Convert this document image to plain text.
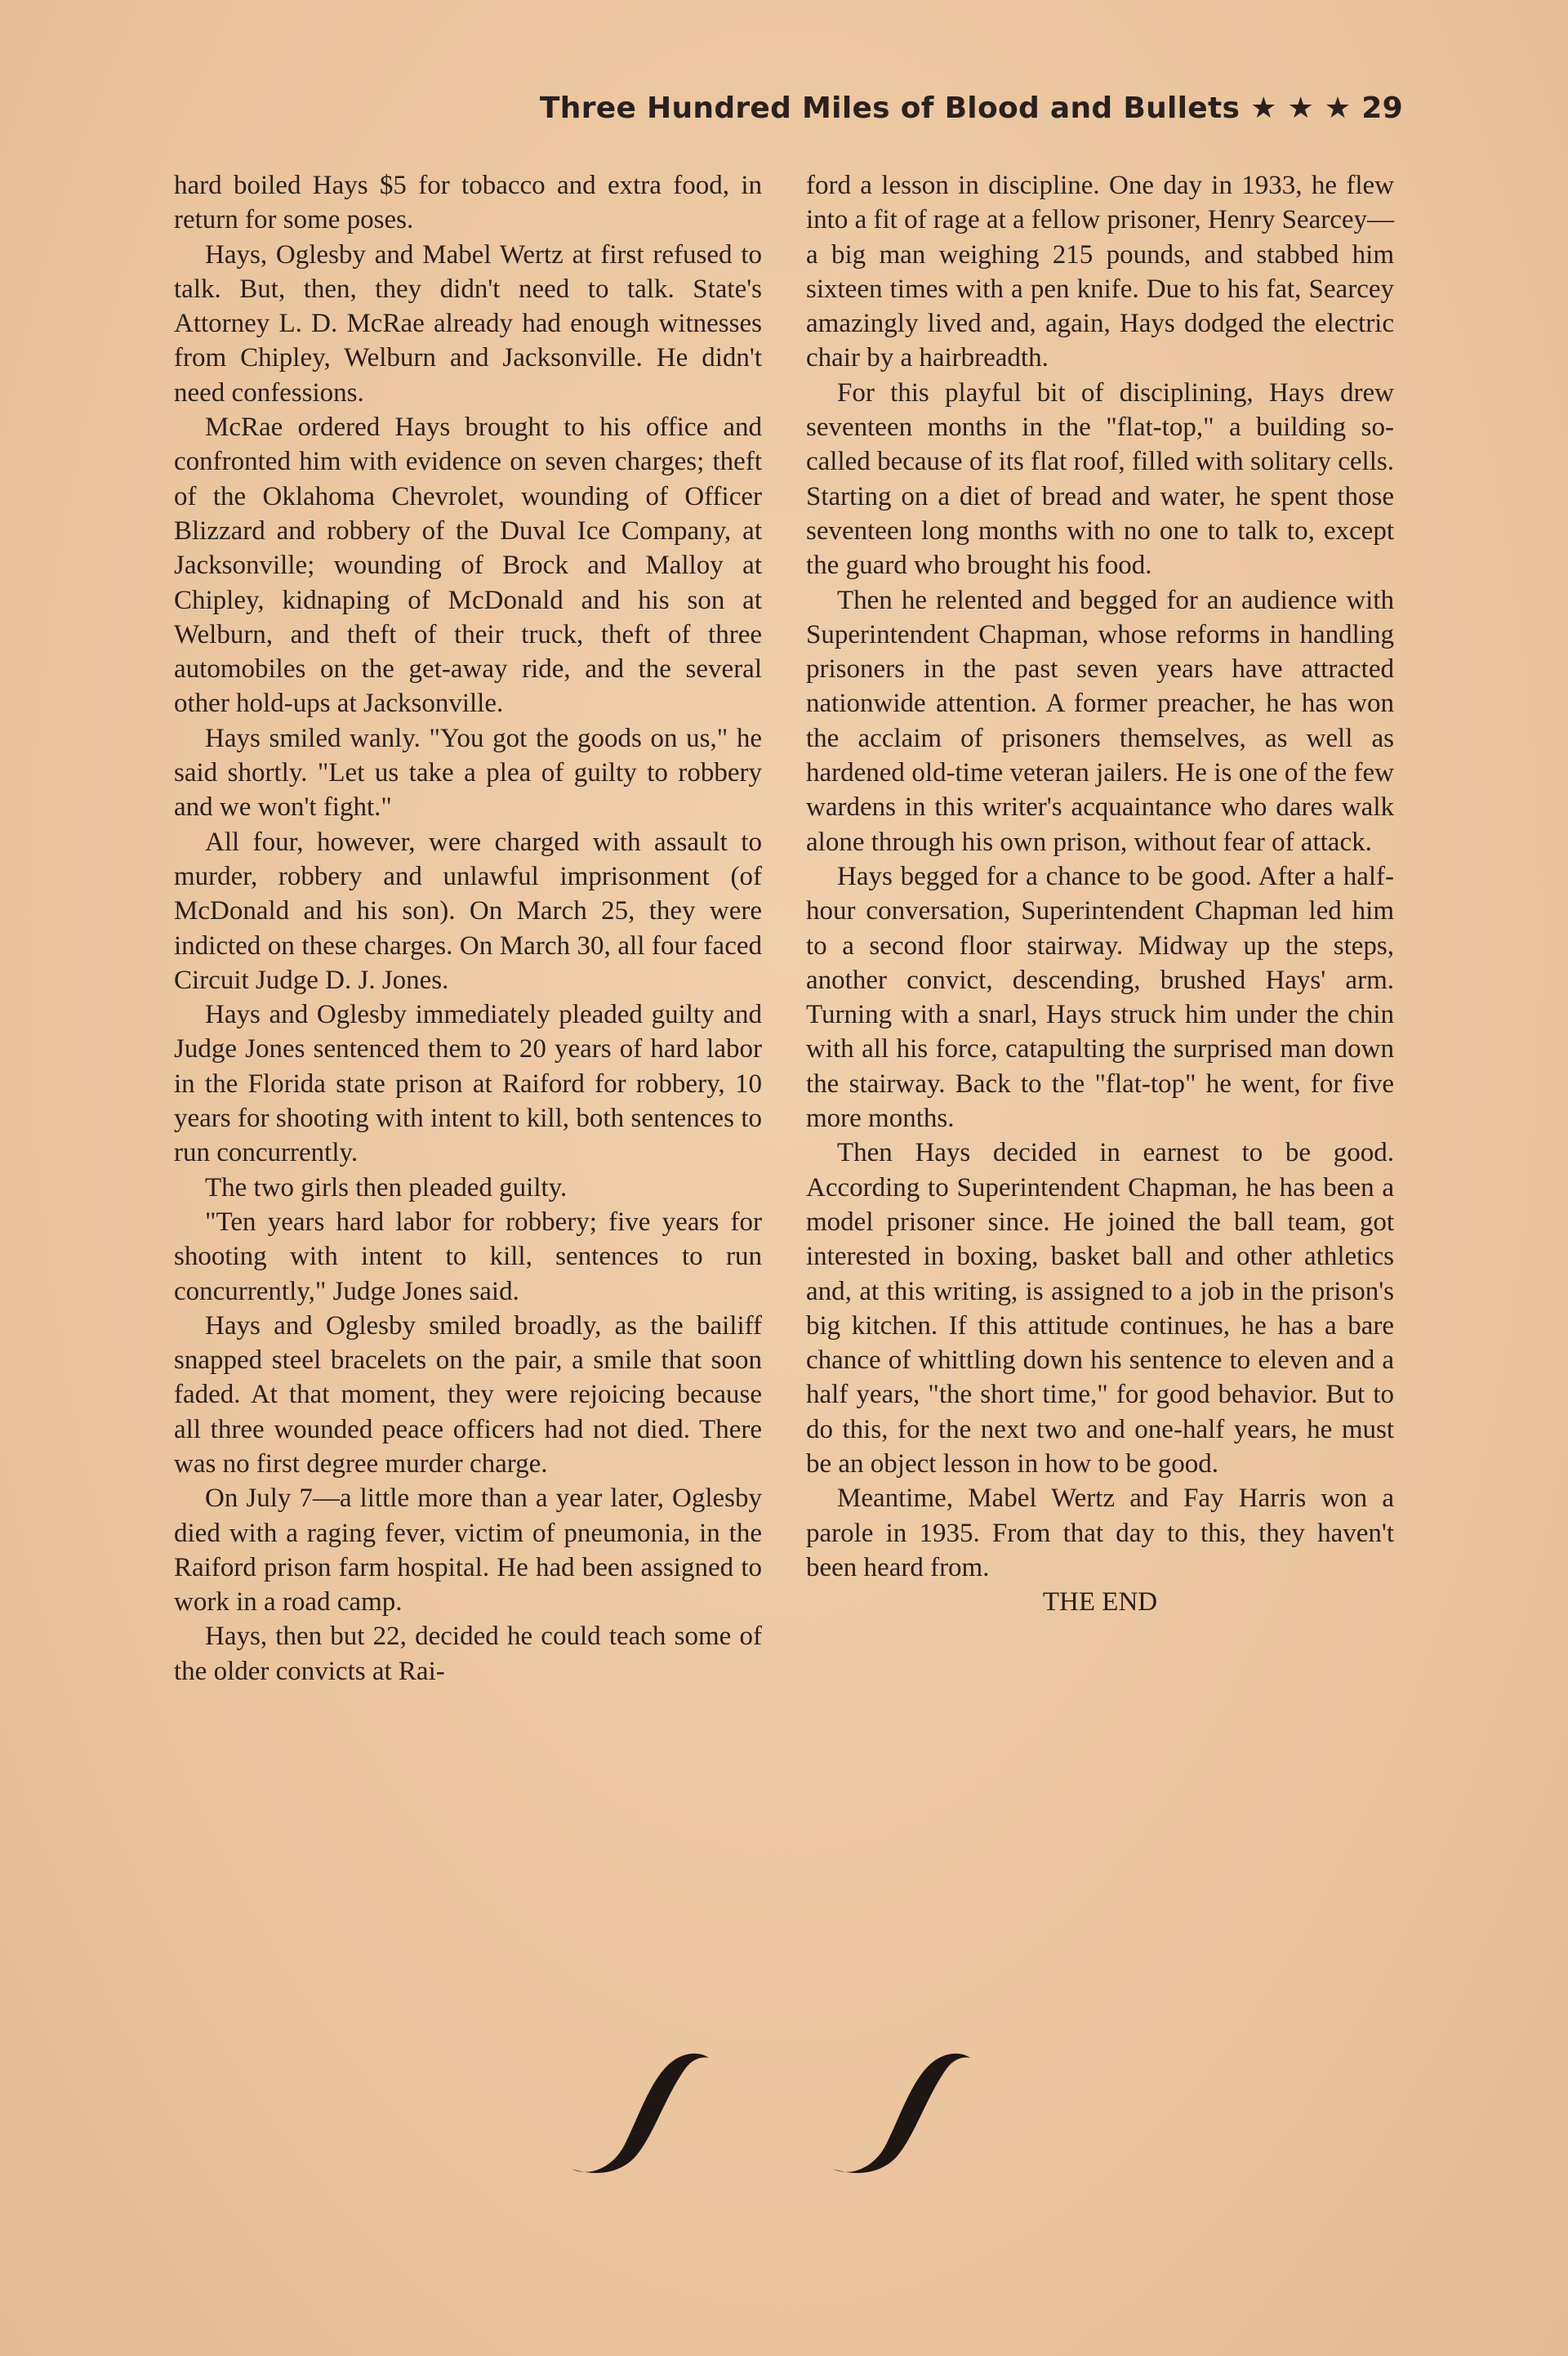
Three Hundred Miles of Blood and Bullets ★ ★ ★ 29

hard boiled Hays $5 for tobacco and extra food, in return for some poses.

Hays, Oglesby and Mabel Wertz at first refused to talk. But, then, they didn't need to talk. State's Attorney L. D. McRae already had enough witnesses from Chipley, Welburn and Jacksonville. He didn't need confessions.

McRae ordered Hays brought to his office and confronted him with evidence on seven charges; theft of the Oklahoma Chevrolet, wounding of Officer Blizzard and robbery of the Duval Ice Company, at Jacksonville; wounding of Brock and Malloy at Chipley, kidnaping of McDonald and his son at Welburn, and theft of their truck, theft of three automobiles on the get-away ride, and the several other hold-ups at Jacksonville.

Hays smiled wanly. "You got the goods on us," he said shortly. "Let us take a plea of guilty to robbery and we won't fight."

All four, however, were charged with assault to murder, robbery and unlawful imprisonment (of McDonald and his son). On March 25, they were indicted on these charges. On March 30, all four faced Circuit Judge D. J. Jones.

Hays and Oglesby immediately pleaded guilty and Judge Jones sentenced them to 20 years of hard labor in the Florida state prison at Raiford for robbery, 10 years for shooting with intent to kill, both sentences to run concurrently.

The two girls then pleaded guilty.

"Ten years hard labor for robbery; five years for shooting with intent to kill, sentences to run concurrently," Judge Jones said.

Hays and Oglesby smiled broadly, as the bailiff snapped steel bracelets on the pair, a smile that soon faded. At that moment, they were rejoicing because all three wounded peace officers had not died. There was no first degree murder charge.

On July 7—a little more than a year later, Oglesby died with a raging fever, victim of pneumonia, in the Raiford prison farm hospital. He had been assigned to work in a road camp.

Hays, then but 22, decided he could teach some of the older convicts at Rai-

ford a lesson in discipline. One day in 1933, he flew into a fit of rage at a fellow prisoner, Henry Searcey—a big man weighing 215 pounds, and stabbed him sixteen times with a pen knife. Due to his fat, Searcey amazingly lived and, again, Hays dodged the electric chair by a hairbreadth.

For this playful bit of disciplining, Hays drew seventeen months in the "flat-top," a building so-called because of its flat roof, filled with solitary cells. Starting on a diet of bread and water, he spent those seventeen long months with no one to talk to, except the guard who brought his food.

Then he relented and begged for an audience with Superintendent Chapman, whose reforms in handling prisoners in the past seven years have attracted nationwide attention. A former preacher, he has won the acclaim of prisoners themselves, as well as hardened old-time veteran jailers. He is one of the few wardens in this writer's acquaintance who dares walk alone through his own prison, without fear of attack.

Hays begged for a chance to be good. After a half-hour conversation, Superintendent Chapman led him to a second floor stairway. Midway up the steps, another convict, descending, brushed Hays' arm. Turning with a snarl, Hays struck him under the chin with all his force, catapulting the surprised man down the stairway. Back to the "flat-top" he went, for five more months.

Then Hays decided in earnest to be good. According to Superintendent Chapman, he has been a model prisoner since. He joined the ball team, got interested in boxing, basket ball and other athletics and, at this writing, is assigned to a job in the prison's big kitchen. If this attitude continues, he has a bare chance of whittling down his sentence to eleven and a half years, "the short time," for good behavior. But to do this, for the next two and one-half years, he must be an object lesson in how to be good.

Meantime, Mabel Wertz and Fay Harris won a parole in 1935. From that day to this, they haven't been heard from.

THE END
